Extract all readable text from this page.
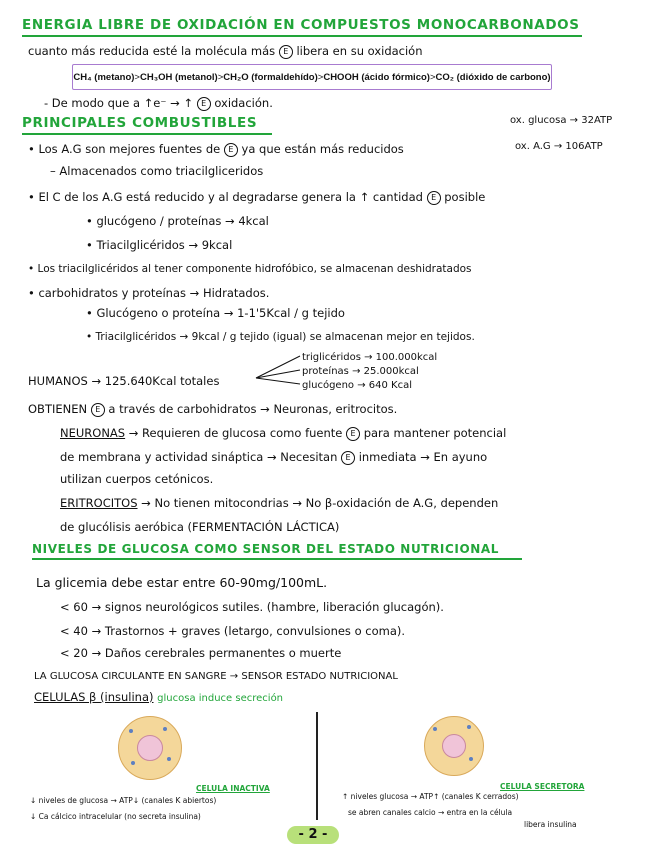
ENERGIA LIBRE DE OXIDACIÓN EN COMPUESTOS MONOCARBONADOS
cuanto más reducida esté la molécula más E libera en su oxidación
CH₄ (metano) > CH₃OH (metanol) > CH₂O (formaldehído) > CHOOH (ácido fórmico) > CO₂ (dióxido de carbono)
- De modo que a ↑e⁻ → ↑ E oxidación.
PRINCIPALES COMBUSTIBLES	ox. glucosa → 32ATP
ox. A.G → 106ATP
• Los A.G son mejores fuentes de E ya que están más reducidos
– Almacenados como triacilgliceridos
• El C de los A.G está reducido y al degradarse genera la ↑ cantidad E posible
• glucógeno / proteínas → 4kcal
• Triacilglicéridos → 9kcal
• Los triacilglicéridos al tener componente hidrofóbico, se almacenan deshidratados
• carbohidratos y proteínas → Hidratados.
• Glucógeno o proteína → 1-1'5Kcal / g tejido
• Triacilglicéridos → 9kcal / g tejido (igual) se almacenan mejor en tejidos.
HUMANOS → 125.640Kcal totales
triglicéridos → 100.000kcal
proteínas → 25.000kcal
glucógeno → 640 Kcal
OBTIENEN E a través de carbohidratos → Neuronas, eritrocitos.
NEURONAS → Requieren de glucosa como fuente E para mantener potencial
de membrana y actividad sináptica → Necesitan E inmediata → En ayuno
utilizan cuerpos cetónicos.
ERITROCITOS → No tienen mitocondrias → No β-oxidación de A.G, dependen
de glucólisis aeróbica (FERMENTACIÓN LÁCTICA)
NIVELES DE GLUCOSA COMO SENSOR DEL ESTADO NUTRICIONAL
La glicemia debe estar entre 60-90mg/100mL.
< 60 → signos neurológicos sutiles. (hambre, liberación glucagón).
< 40 → Trastornos + graves (letargo, convulsiones o coma).
< 20 → Daños cerebrales permanentes o muerte
LA GLUCOSA CIRCULANTE EN SANGRE → SENSOR ESTADO NUTRICIONAL
CELULAS β (insulina) glucosa induce secreción
CELULA INACTIVA
↓ niveles de glucosa → ATP↓ (canales K abiertos)
↓ Ca cálcico intracelular (no secreta insulina)
CELULA SECRETORA
↑ niveles glucosa → ATP↑ (canales K cerrados)
se abren canales calcio → entra en la célula
libera insulina
- 2 -
